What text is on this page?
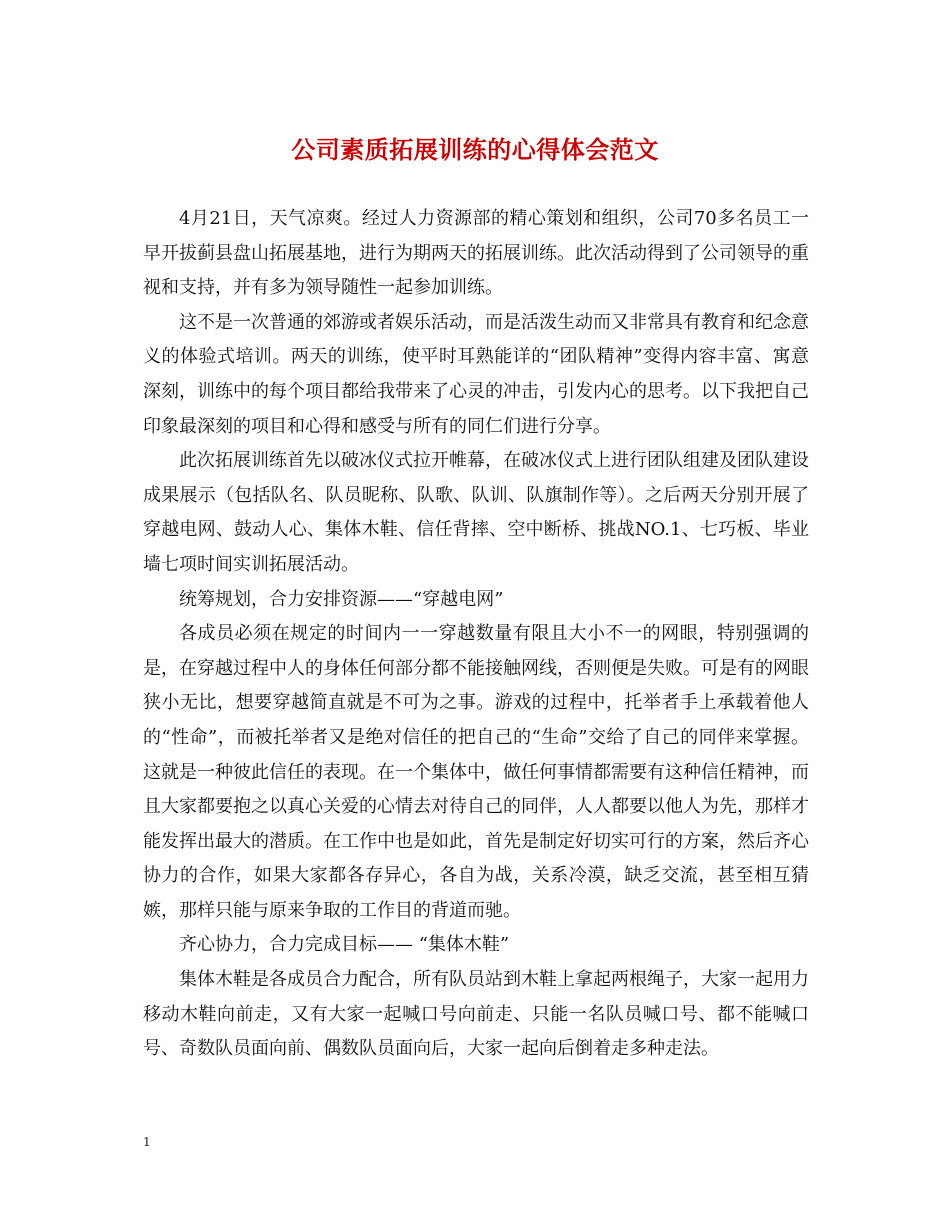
公司素质拓展训练的心得体会范文

4月21日，天气凉爽。经过人力资源部的精心策划和组织，公司70多名员工一早开拔蓟县盘山拓展基地，进行为期两天的拓展训练。此次活动得到了公司领导的重视和支持，并有多为领导随性一起参加训练。

这不是一次普通的郊游或者娱乐活动，而是活泼生动而又非常具有教育和纪念意义的体验式培训。两天的训练，使平时耳熟能详的“团队精神”变得内容丰富、寓意深刻，训练中的每个项目都给我带来了心灵的冲击，引发内心的思考。以下我把自己印象最深刻的项目和心得和感受与所有的同仁们进行分享。

此次拓展训练首先以破冰仪式拉开帷幕，在破冰仪式上进行团队组建及团队建设成果展示（包括队名、队员昵称、队歌、队训、队旗制作等）。之后两天分别开展了穿越电网、鼓动人心、集体木鞋、信任背摔、空中断桥、挑战NO.1、七巧板、毕业墙七项时间实训拓展活动。

统筹规划，合力安排资源——“穿越电网”

各成员必须在规定的时间内一一穿越数量有限且大小不一的网眼，特别强调的是，在穿越过程中人的身体任何部分都不能接触网线，否则便是失败。可是有的网眼狭小无比，想要穿越简直就是不可为之事。游戏的过程中，托举者手上承载着他人的“性命”，而被托举者又是绝对信任的把自己的“生命”交给了自己的同伴来掌握。这就是一种彼此信任的表现。在一个集体中，做任何事情都需要有这种信任精神，而且大家都要抱之以真心关爱的心情去对待自己的同伴，人人都要以他人为先，那样才能发挥出最大的潜质。在工作中也是如此，首先是制定好切实可行的方案，然后齐心协力的合作，如果大家都各存异心，各自为战，关系冷漠，缺乏交流，甚至相互猜嫉，那样只能与原来争取的工作目的背道而驰。

齐心协力，合力完成目标—— “集体木鞋”

集体木鞋是各成员合力配合，所有队员站到木鞋上拿起两根绳子，大家一起用力移动木鞋向前走，又有大家一起喊口号向前走、只能一名队员喊口号、都不能喊口号、奇数队员面向前、偶数队员面向后，大家一起向后倒着走多种走法。

1
